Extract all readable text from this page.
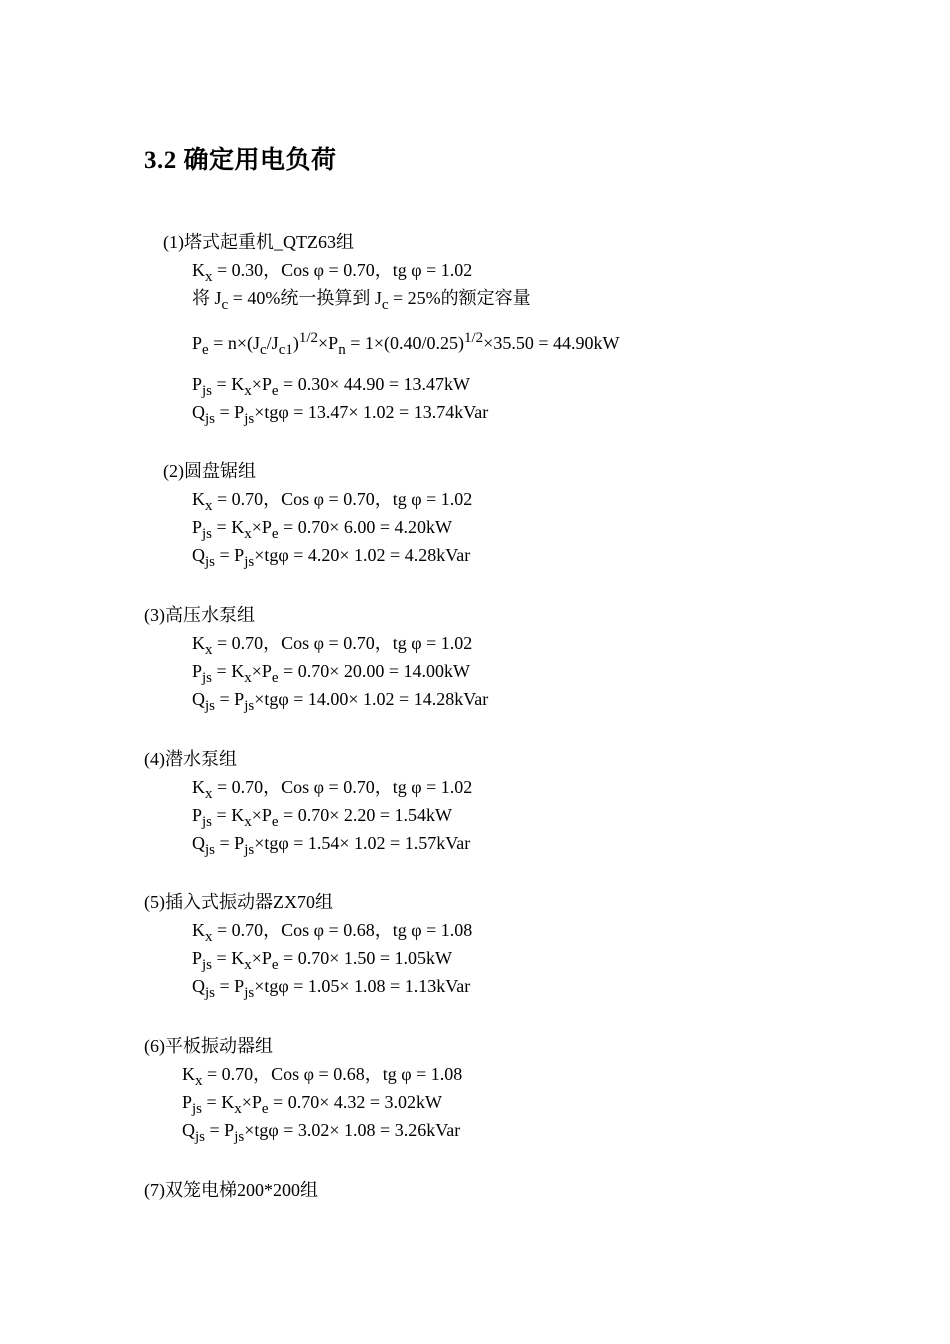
3.2 确定用电负荷
(1)塔式起重机_QTZ63组
$K_x = 0.30$，Cos φ = 0.70，tg φ = 1.02
将 $J_c = 40\%$统一换算到 $J_c = 25\%$的额定容量
$P_e = n\times(J_c/J_{c1})^{1/2}\times P_n = 1\times(0.40/0.25)^{1/2}\times 35.50 = 44.90kW$
$P_{js} = K_x\times P_e = 0.30\times 44.90 = 13.47kW$
$Q_{js} = P_{js}\times tg\varphi = 13.47\times 1.02$ = 13.74kVar
(2)圆盘锯组
$K_x = 0.70$，Cos φ = 0.70，tg φ = 1.02
$P_{js} = K_x\times P_e = 0.70\times 6.00 = 4.20kW$
$Q_{js} = P_{js}\times tg\varphi = 4.20\times 1.02$ = 4.28kVar
(3)高压水泵组
$K_x = 0.70$，Cos φ = 0.70，tg φ = 1.02
$P_{js} = K_x\times P_e = 0.70\times 20.00 = 14.00kW$
$Q_{js} = P_{js}\times tg\varphi = 14.00\times 1.02$ = 14.28kVar
(4)潜水泵组
$K_x = 0.70$，Cos φ = 0.70，tg φ = 1.02
$P_{js} = K_x\times P_e = 0.70\times 2.20 = 1.54kW$
$Q_{js} = P_{js}\times tg\varphi = 1.54\times 1.02$ = 1.57kVar
(5)插入式振动器ZX70组
$K_x = 0.70$，Cos φ = 0.68，tg φ = 1.08
$P_{js} = K_x\times P_e = 0.70\times 1.50 = 1.05kW$
$Q_{js} = P_{js}\times tg\varphi = 1.05\times 1.08$ = 1.13kVar
(6)平板振动器组
$K_x = 0.70$，Cos φ = 0.68，tg φ = 1.08
$P_{js} = K_x\times P_e = 0.70\times 4.32 = 3.02kW$
$Q_{js} = P_{js}\times tg\varphi = 3.02\times 1.08$ = 3.26kVar
(7)双笼电梯200*200组
